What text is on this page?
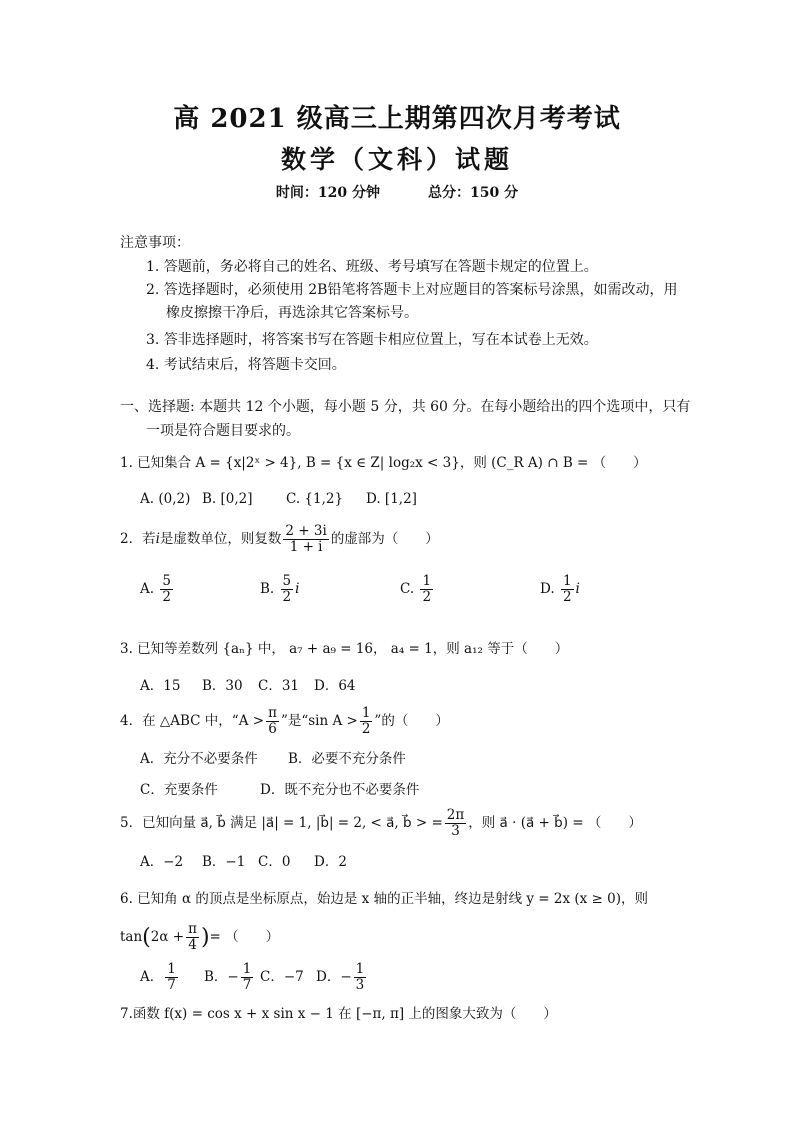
高 2021 级高三上期第四次月考考试
数学（文科）试题
时间：120 分钟	总分：150 分
注意事项：
1. 答题前，务必将自己的姓名、班级、考号填写在答题卡规定的位置上。
2. 答选择题时，必须使用 2B铅笔将答题卡上对应题目的答案标号涂黑，如需改动，用
橡皮擦擦干净后，再选涂其它答案标号。
3. 答非选择题时，将答案书写在答题卡相应位置上，写在本试卷上无效。
4. 考试结束后，将答题卡交回。
一、选择题: 本题共 12 个小题，每小题 5 分，共 60 分。在每小题给出的四个选项中，只有
一项是符合题目要求的。
1. 已知集合 A = {x|2ˣ > 4}, B = {x ∈ Z| log₂x < 3}，则 (C_R A) ∩ B = （　　）
A. (0,2) B. [0,2] C. {1,2} D. [1,2]
2．若i是虚数单位，则复数 $\frac{2 + 3i}{1 + i}$ 的虚部为（　　）
A. $\frac{5}{2}$	B. $\frac{5}{2}$ i	C. $\frac{1}{2}$	D. $\frac{1}{2}$ i
3. 已知等差数列 {aₙ} 中， a₇ + a₉ = 16， a₄ = 1，则 a₁₂ 等于（　　）
A．15 B．30 C．31 D．64
4．在 △ABC 中，“$A > \frac{\pi}{6}$ ”是“sin $A > \frac{1}{2}$ ”的（　　）
A．充分不必要条件 B．必要不充分条件
C．充要条件	D．既不充分也不必要条件
5．已知向量 a⃗, b⃗ 满足 |a⃗| = 1, |b⃗| = 2, < a⃗, b⃗ > = $\frac{2\pi}{3}$ ，则 a⃗ · (a⃗ + b⃗) = （　　）
A．−2 B．−1 C．0 D．2
6. 已知角 α 的顶点是坐标原点，始边是 x 轴的正半轴，终边是射线 y = 2x (x ≥ 0)，则
$\tan(2\alpha + \frac{\pi}{4}$ )= （　　）
A． $\frac{1}{7}$ B．− $\frac{1}{7}$ C．−7 D．− $\frac{1}{3}$
7.函数 f(x) = cos x + x sin x − 1 在 [−π, π] 上的图象大致为（　　）
